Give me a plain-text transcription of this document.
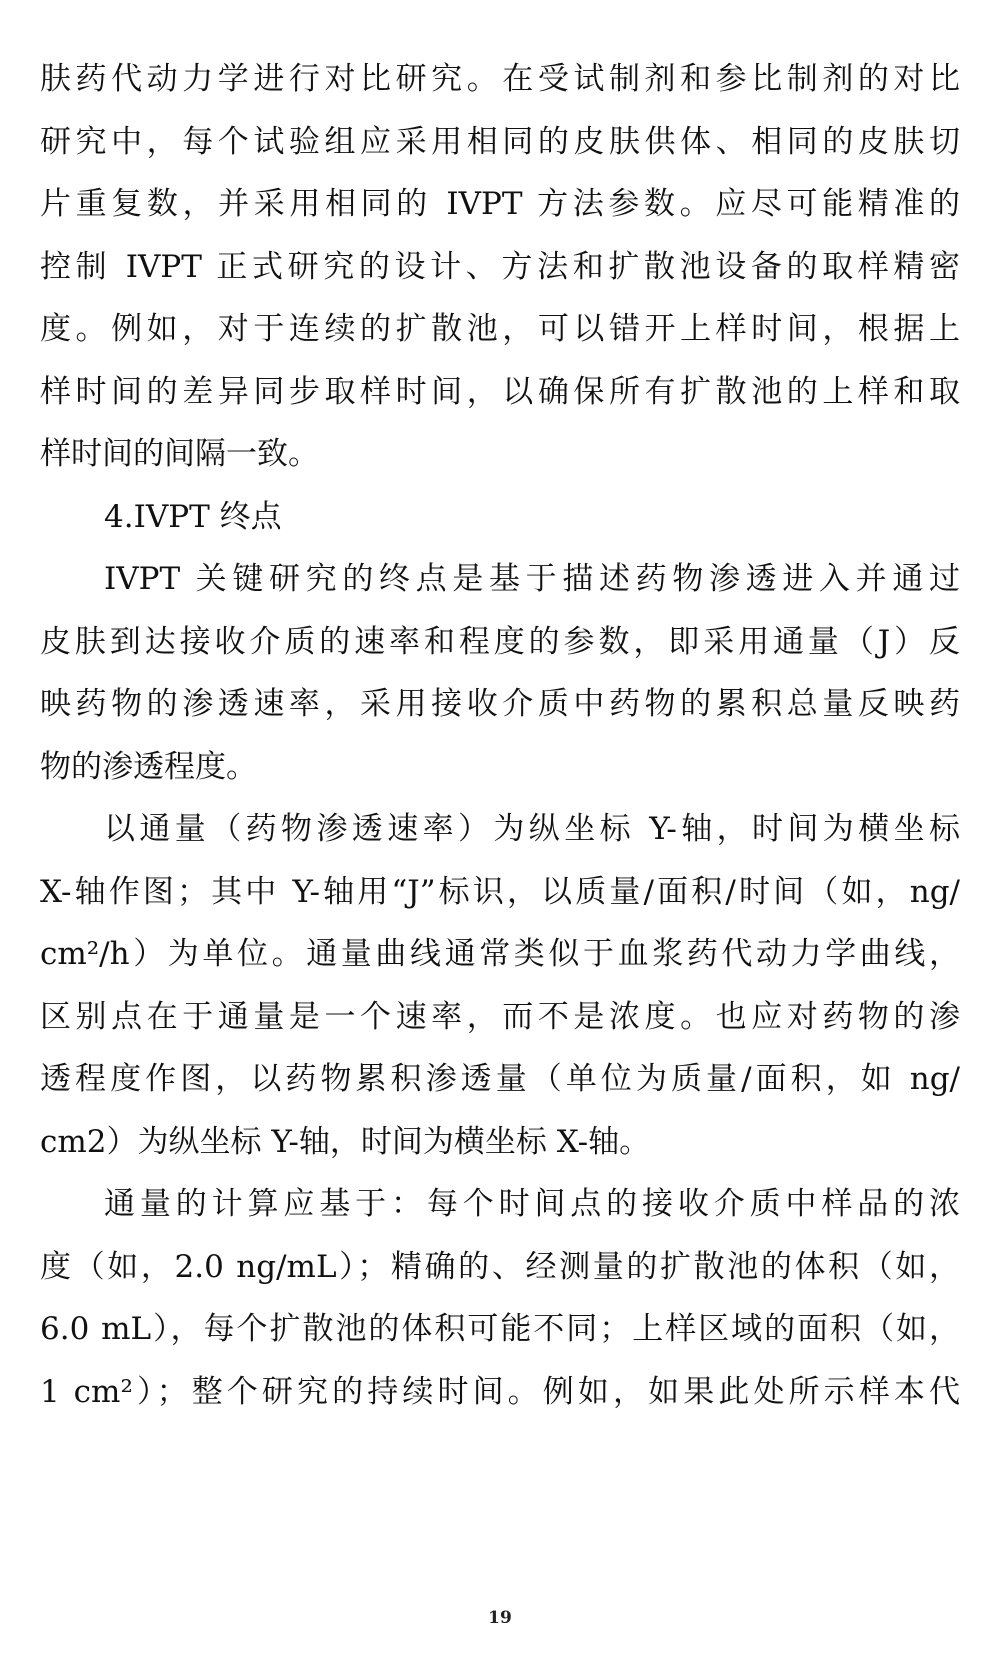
肤药代动力学进行对比研究。在受试制剂和参比制剂的对比
研究中，每个试验组应采用相同的皮肤供体、相同的皮肤切
片重复数，并采用相同的 IVPT 方法参数。应尽可能精准的
控制 IVPT 正式研究的设计、方法和扩散池设备的取样精密
度。例如，对于连续的扩散池，可以错开上样时间，根据上
样时间的差异同步取样时间，以确保所有扩散池的上样和取
样时间的间隔一致。
4.IVPT 终点
IVPT 关键研究的终点是基于描述药物渗透进入并通过
皮肤到达接收介质的速率和程度的参数，即采用通量（J）反
映药物的渗透速率，采用接收介质中药物的累积总量反映药
物的渗透程度。
以通量（药物渗透速率）为纵坐标 Y-轴，时间为横坐标
X-轴作图；其中 Y-轴用“J”标识，以质量/面积/时间（如，ng/
cm²/h）为单位。通量曲线通常类似于血浆药代动力学曲线，
区别点在于通量是一个速率，而不是浓度。也应对药物的渗
透程度作图，以药物累积渗透量（单位为质量/面积，如 ng/
cm2）为纵坐标 Y-轴，时间为横坐标 X-轴。
通量的计算应基于：每个时间点的接收介质中样品的浓
度（如，2.0 ng/mL）；精确的、经测量的扩散池的体积（如，
6.0 mL），每个扩散池的体积可能不同；上样区域的面积（如，
1 cm²）；整个研究的持续时间。例如，如果此处所示样本代
19
